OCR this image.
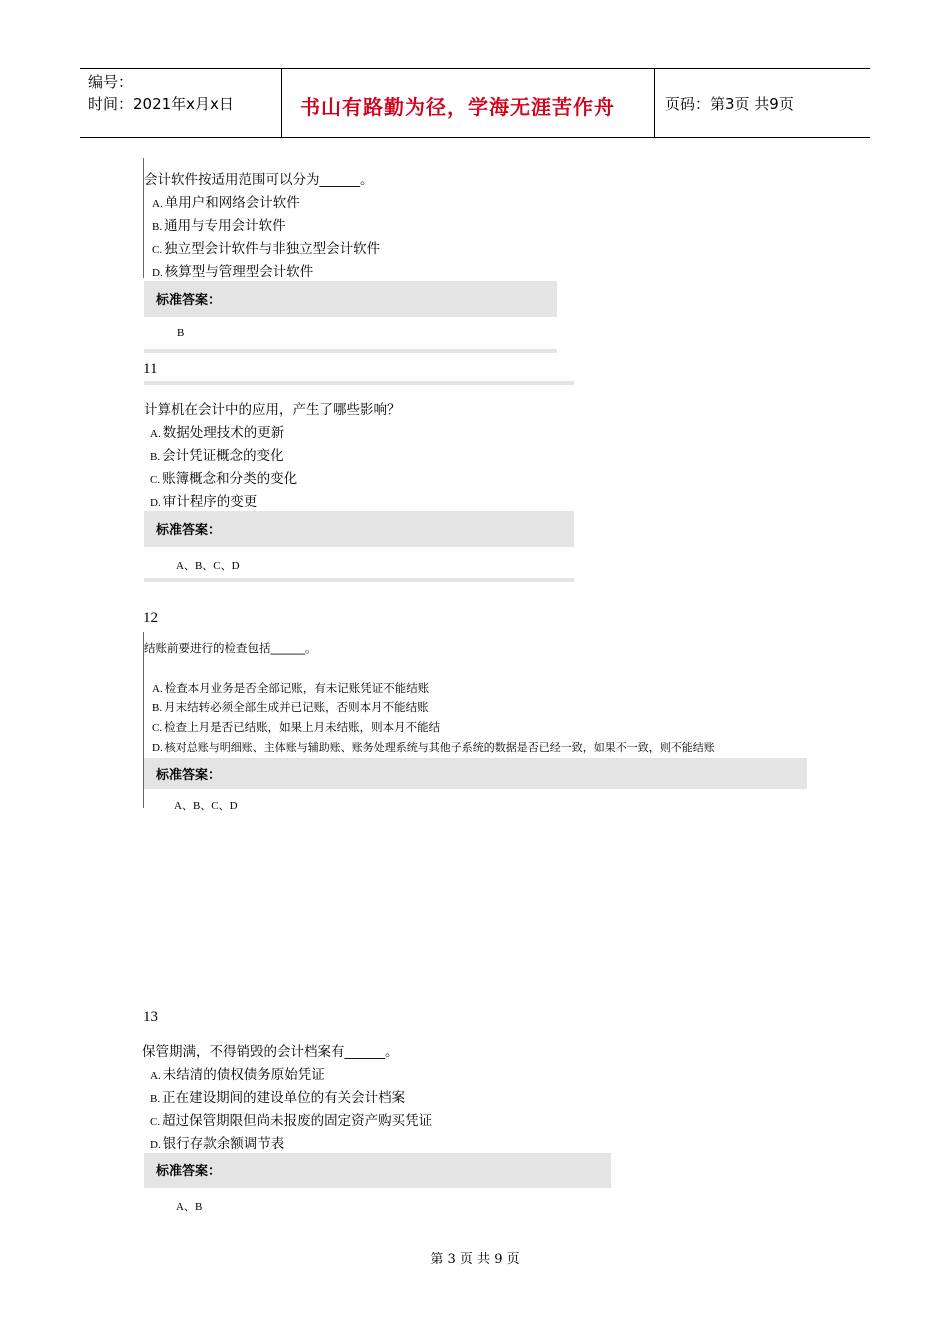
编号：
时间：2021年x月x日	书山有路勤为径，学海无涯苦作舟	页码：第3页 共9页
会计软件按适用范围可以分为______。
A. 单用户和网络会计软件
B. 通用与专用会计软件
C. 独立型会计软件与非独立型会计软件
D. 核算型与管理型会计软件
标准答案：
B
11
计算机在会计中的应用，产生了哪些影响？
A. 数据处理技术的更新
B. 会计凭证概念的变化
C. 账簿概念和分类的变化
D. 审计程序的变更
标准答案：
A、B、C、D
12
结账前要进行的检查包括______。
A. 检查本月业务是否全部记账，有未记账凭证不能结账
B. 月末结转必须全部生成并已记账，否则本月不能结账
C. 检查上月是否已结账，如果上月未结账，则本月不能结
D. 核对总账与明细账、主体账与辅助账、账务处理系统与其他子系统的数据是否已经一致，如果不一致，则不能结账
标准答案：
A、B、C、D
13
保管期满，不得销毁的会计档案有______。
A. 未结清的债权债务原始凭证
B. 正在建设期间的建设单位的有关会计档案
C. 超过保管期限但尚未报废的固定资产购买凭证
D. 银行存款余额调节表
标准答案：
A、B
第 3 页 共 9 页
